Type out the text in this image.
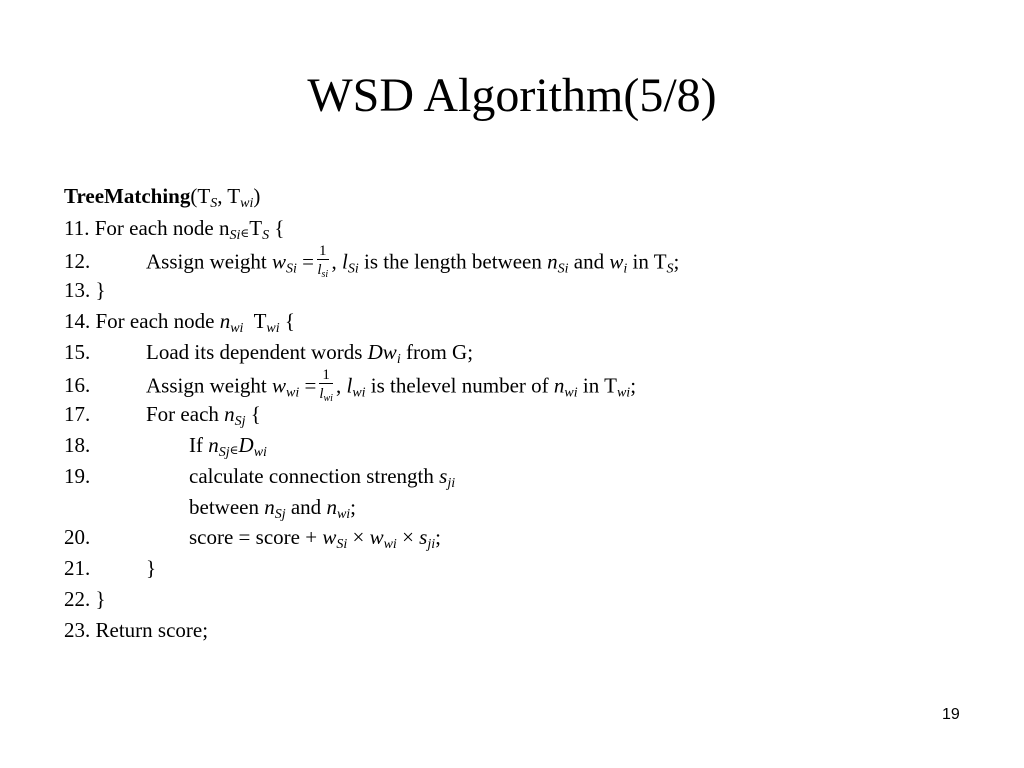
WSD Algorithm(5/8)
$TreeMatching(T_S$, $T_{wi}$)
11. For each node $n_{Si\in}T_S$ {
12.	Assign weight $w_{Si} = \frac{1}{l_{si}}$ , $l_{Si}$ is the length between $n_{Si}$ and $w_i$ in $T_S$;
13. }
14. For each node $n_{wi}$  $T_{wi}$ {
15.	Load its dependent words $Dw_i$ from G;
16.	Assign weight $w_{wi} = \frac{1}{l_{wi}}$ , $l_{wi}$ is thelevel number of $n_{wi}$ in $T_{wi}$;
17.	For each $n_{Sj}$ {
18.	If $n_{Sj\in}D_{wi}$
19.	calculate connection strength $s_{ji}$
between $n_{Sj}$ and $n_{wi}$;
20.	score = score + $w_{Si} \times w_{wi} \times s_{ji}$;
21.	}
22. }
23. Return score;
19
